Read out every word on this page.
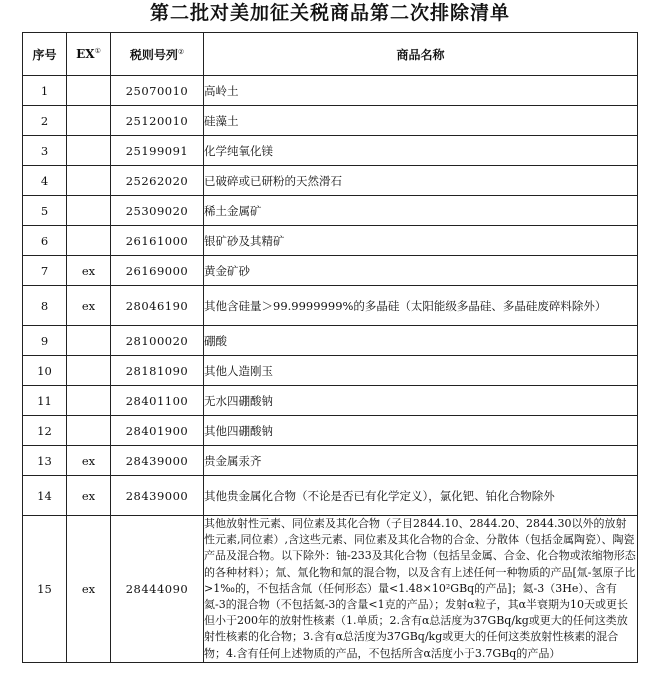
第二批对美加征关税商品第二次排除清单
序号	EX①	税则号列②	商品名称
1		25070010	高岭土
2		25120010	硅藻土
3		25199091	化学纯氧化镁
4		25262020	已破碎或已研粉的天然滑石
5		25309020	稀土金属矿
6		26161000	银矿砂及其精矿
7	ex	26169000	黄金矿砂
8	ex	28046190	其他含硅量＞99.9999999%的多晶硅（太阳能级多晶硅、多晶硅废碎料除外）
9		28100020	硼酸
10		28181090	其他人造刚玉
11		28401100	无水四硼酸钠
12		28401900	其他四硼酸钠
13	ex	28439000	贵金属汞齐
14	ex	28439000	其他贵金属化合物（不论是否已有化学定义），氯化钯、铂化合物除外
15	ex	28444090	其他放射性元素、同位素及其化合物（子目2844.10、2844.20、2844.30以外的放射性元素,同位素）,含这些元素、同位素及其化合物的合金、分散体（包括金属陶瓷）、陶瓷产品及混合物。以下除外：铀-233及其化合物（包括呈金属、合金、化合物或浓缩物形态的各种材料）；氚、氚化物和氚的混合物，以及含有上述任何一种物质的产品[氚-氢原子比>1‰的，不包括含氚（任何形态）量<1.48×10²GBq的产品]；氦-3（3He）、含有氦-3的混合物（不包括氦-3的含量<1克的产品）；发射α粒子，其α半衰期为10天或更长但小于200年的放射性核素（1.单质；2.含有α总活度为37GBq/kg或更大的任何这类放射性核素的化合物；3.含有α总活度为37GBq/kg或更大的任何这类放射性核素的混合物；4.含有任何上述物质的产品，不包括所含α活度小于3.7GBq的产品）
